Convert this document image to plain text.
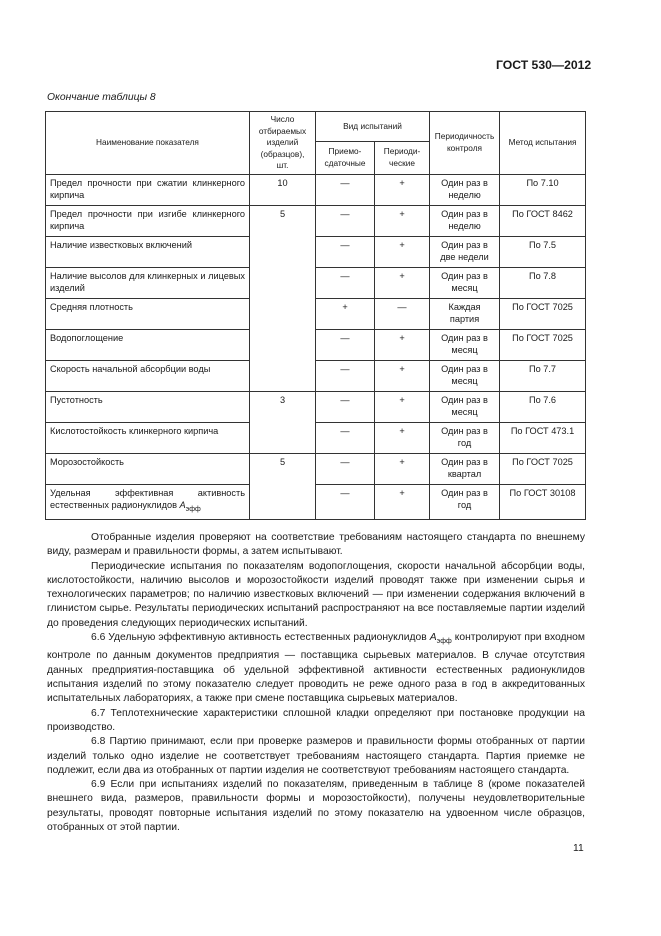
ГОСТ 530—2012
Окончание таблицы 8
Наименование показателя	Число отбираемых изделий (образцов), шт.	Вид испытаний		Периодичность контроля	Метод испытания
		Приемо-сдаточные	Периоди-ческие		
Предел прочности при сжатии клинкерного кирпича	10	—	+	Один раз в неделю	По 7.10
Предел прочности при изгибе клинкерного кирпича	5	—	+	Один раз в неделю	По ГОСТ 8462
Наличие известковых включений		—	+	Один раз в две недели	По 7.5
Наличие высолов для клинкерных и лицевых изделий		—	+	Один раз в месяц	По 7.8
Средняя плотность		+	—	Каждая партия	По ГОСТ 7025
Водопоглощение		—	+	Один раз в месяц	По ГОСТ 7025
Скорость начальной абсорбции воды		—	+	Один раз в месяц	По 7.7
Пустотность	3	—	+	Один раз в месяц	По 7.6
Кислотостойкость клинкерного кирпича		—	+	Один раз в год	По ГОСТ 473.1
Морозостойкость	5	—	+	Один раз в квартал	По ГОСТ 7025
Удельная эффективная активность естественных радионуклидов $A_{эфф}$		—	+	Один раз в год	По ГОСТ 30108

Отобранные изделия проверяют на соответствие требованиям настоящего стандарта по внешнему виду, размерам и правильности формы, а затем испытывают.

Периодические испытания по показателям водопоглощения, скорости начальной абсорбции воды, кислотостойкости, наличию высолов и морозостойкости изделий проводят также при изменении сырья и технологических параметров; по наличию известковых включений — при изменении содержания включений в глинистом сырье. Результаты периодических испытаний распространяют на все поставляемые партии изделий до проведения следующих периодических испытаний.

6.6 Удельную эффективную активность естественных радионуклидов $A_{эфф}$ контролируют при входном контроле по данным документов предприятия — поставщика сырьевых материалов. В случае отсутствия данных предприятия-поставщика об удельной эффективной активности естественных радионуклидов испытания изделий по этому показателю следует проводить не реже одного раза в год в аккредитованных испытательных лабораториях, а также при смене поставщика сырьевых материалов.

6.7 Теплотехнические характеристики сплошной кладки определяют при постановке продукции на производство.

6.8 Партию принимают, если при проверке размеров и правильности формы отобранных от партии изделий только одно изделие не соответствует требованиям настоящего стандарта. Партия приемке не подлежит, если два из отобранных от партии изделия не соответствуют требованиям настоящего стандарта.

6.9 Если при испытаниях изделий по показателям, приведенным в таблице 8 (кроме показателей внешнего вида, размеров, правильности формы и морозостойкости), получены неудовлетворительные результаты, проводят повторные испытания изделий по этому показателю на удвоенном числе образцов, отобранных от этой партии.

11
